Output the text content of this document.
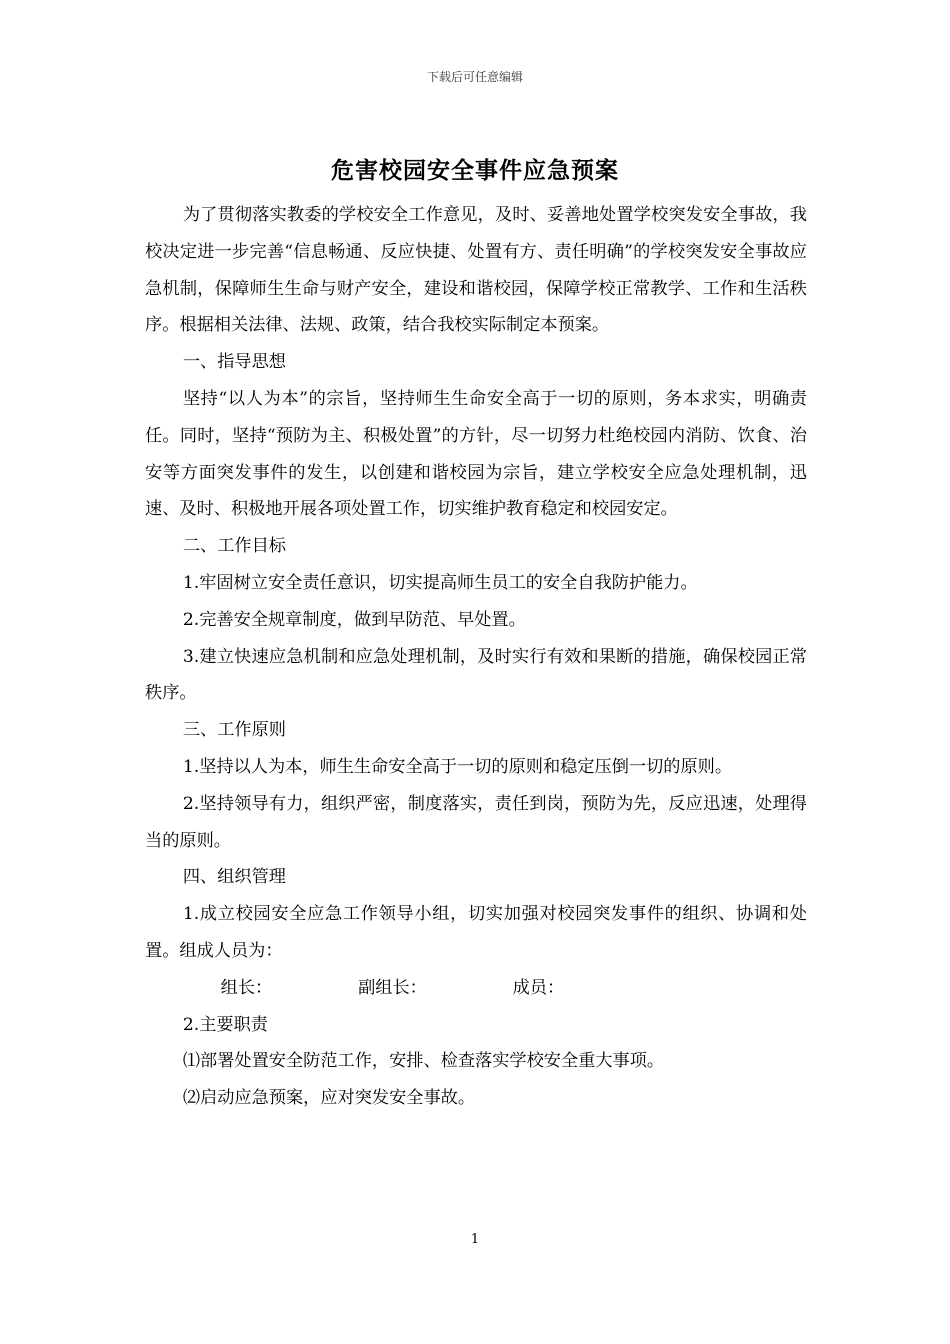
下载后可任意编辑
危害校园安全事件应急预案

为了贯彻落实教委的学校安全工作意见，及时、妥善地处置学校突发安全事故，我校决定进一步完善“信息畅通、反应快捷、处置有方、责任明确”的学校突发安全事故应急机制，保障师生生命与财产安全，建设和谐校园，保障学校正常教学、工作和生活秩序。根据相关法律、法规、政策，结合我校实际制定本预案。

一、指导思想

坚持“以人为本”的宗旨，坚持师生生命安全高于一切的原则，务本求实，明确责任。同时，坚持“预防为主、积极处置”的方针，尽一切努力杜绝校园内消防、饮食、治安等方面突发事件的发生，以创建和谐校园为宗旨，建立学校安全应急处理机制，迅速、及时、积极地开展各项处置工作，切实维护教育稳定和校园安定。

二、工作目标

1.牢固树立安全责任意识，切实提高师生员工的安全自我防护能力。

2.完善安全规章制度，做到早防范、早处置。

3.建立快速应急机制和应急处理机制，及时实行有效和果断的措施，确保校园正常秩序。

三、工作原则

1.坚持以人为本，师生生命安全高于一切的原则和稳定压倒一切的原则。

2.坚持领导有力，组织严密，制度落实，责任到岗，预防为先，反应迅速，处理得当的原则。

四、组织管理

1.成立校园安全应急工作领导小组，切实加强对校园突发事件的组织、协调和处置。组成人员为：

组长：	副组长：	成员：

2.主要职责

⑴部署处置安全防范工作，安排、检查落实学校安全重大事项。

⑵启动应急预案，应对突发安全事故。

1
